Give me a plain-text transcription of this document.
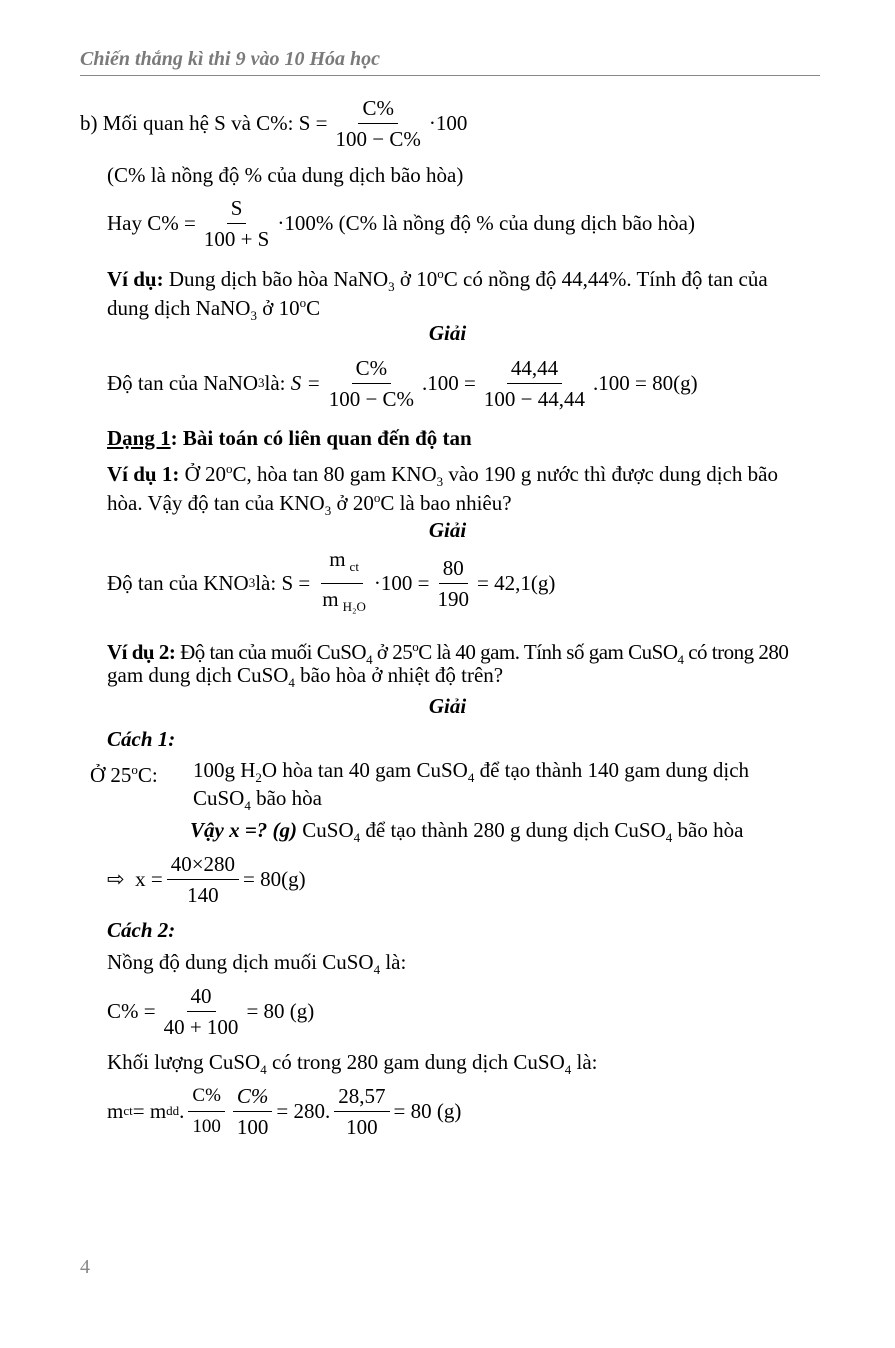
Chiến thắng kì thi 9 vào 10 Hóa học
b)
Mối quan hệ S và C%:
$S = \frac{C\%}{100 - C\%} \cdot 100$
(C% là nồng độ % của dung dịch bão hòa)
Hay
$C\% = \frac{S}{100 + S} \cdot 100\%$
(C% là nồng độ % của dung dịch bão hòa)
Ví dụ: Dung dịch bão hòa NaNO$_3$ ở 10$^o$C có nồng độ 44,44%. Tính độ tan của
dung dịch NaNO$_3$ ở 10$^o$C
Giải
Độ tan của NaNO 3 là:
$S = \frac{C\%}{100 - C\%} .100 = \frac{44,44}{100 - 44,44} .100 = 80(g)$
Dạng 1: Bài toán có liên quan đến độ tan
Ví dụ 1: Ở 20$^o$C, hòa tan 80 gam $KNO_3$ vào 190 g nước thì được dung dịch bão
hòa. Vậy độ tan của $KNO_3$ ở 20$^o$C là bao nhiêu?
Giải
Độ tan của KNO 3 là:
S =
m $_{ct}$
m $_{H_2O}$
$\cdot 100 = \frac{80}{190} = 42,1(g)$
Ví dụ 2: Độ tan của muối CuSO$_4$ ở 25$^o$C là 40 gam. Tính số gam CuSO$_4$ có trong 280
gam dung dịch CuSO$_4$ bão hòa ở nhiệt độ trên?
Giải
Cách 1:
Ở 25$^o$C: 100g $H_2O$ hòa tan 40 gam CuSO$_4$ để tạo thành 140 gam dung dịch
CuSO$_4$ bão hòa
Vậy x =? (g) CuSO$_4$ để tạo thành 280 g dung dịch CuSO$_4$ bão hòa
⇨
$x = \frac{40\times 280}{140} = 80(g)$
Cách 2:
Nồng độ dung dịch muối CuSO$_4$ là:
$C\% = \frac{40}{40 + 100} = 80$ (g)
Khối lượng CuSO$_4$ có trong 280 gam dung dịch CuSO$_4$ là:
m ct = m dd . $\frac{C\%}{100} \frac{C\%}{100} = 280$. $\frac{28,57}{100} = 80$ (g)
4
